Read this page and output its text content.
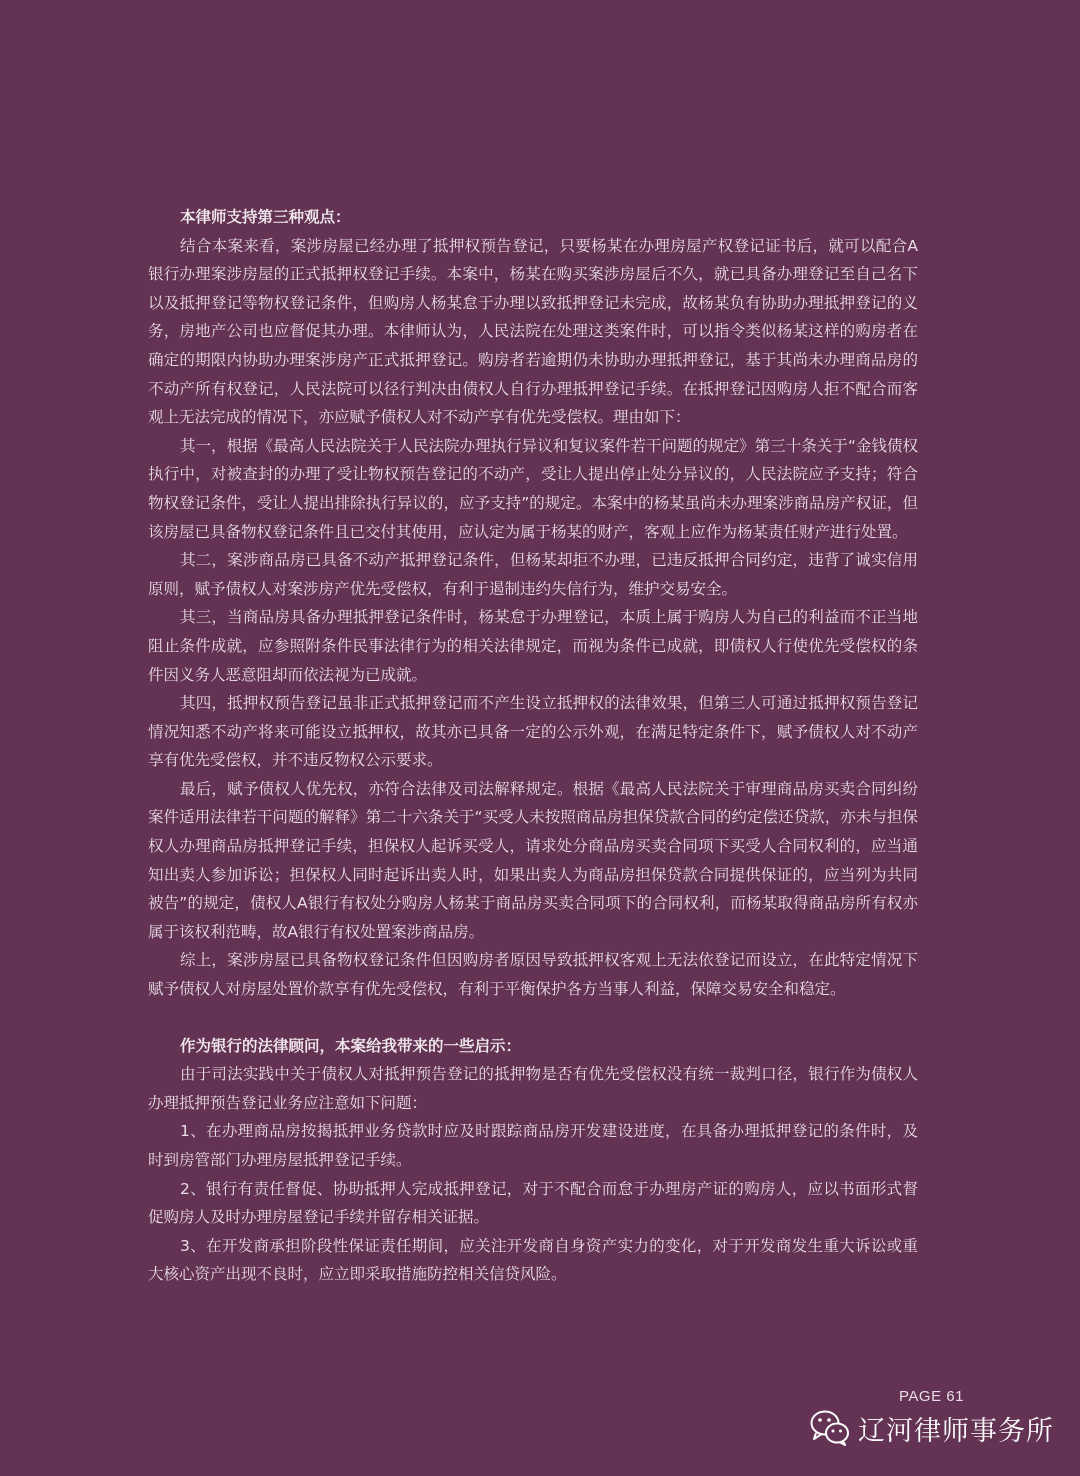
本律师支持第三种观点：

结合本案来看，案涉房屋已经办理了抵押权预告登记，只要杨某在办理房屋产权登记证书后，就可以配合A银行办理案涉房屋的正式抵押权登记手续。本案中，杨某在购买案涉房屋后不久，就已具备办理登记至自己名下以及抵押登记等物权登记条件，但购房人杨某怠于办理以致抵押登记未完成，故杨某负有协助办理抵押登记的义务，房地产公司也应督促其办理。本律师认为，人民法院在处理这类案件时，可以指令类似杨某这样的购房者在确定的期限内协助办理案涉房产正式抵押登记。购房者若逾期仍未协助办理抵押登记，基于其尚未办理商品房的不动产所有权登记，人民法院可以径行判决由债权人自行办理抵押登记手续。在抵押登记因购房人拒不配合而客观上无法完成的情况下，亦应赋予债权人对不动产享有优先受偿权。理由如下：

其一，根据《最高人民法院关于人民法院办理执行异议和复议案件若干问题的规定》第三十条关于“金钱债权执行中，对被查封的办理了受让物权预告登记的不动产，受让人提出停止处分异议的，人民法院应予支持；符合物权登记条件，受让人提出排除执行异议的，应予支持”的规定。本案中的杨某虽尚未办理案涉商品房产权证，但该房屋已具备物权登记条件且已交付其使用，应认定为属于杨某的财产，客观上应作为杨某责任财产进行处置。

其二，案涉商品房已具备不动产抵押登记条件，但杨某却拒不办理，已违反抵押合同约定，违背了诚实信用原则，赋予债权人对案涉房产优先受偿权，有利于遏制违约失信行为，维护交易安全。

其三，当商品房具备办理抵押登记条件时，杨某怠于办理登记，本质上属于购房人为自己的利益而不正当地阻止条件成就，应参照附条件民事法律行为的相关法律规定，而视为条件已成就，即债权人行使优先受偿权的条件因义务人恶意阻却而依法视为已成就。

其四，抵押权预告登记虽非正式抵押登记而不产生设立抵押权的法律效果，但第三人可通过抵押权预告登记情况知悉不动产将来可能设立抵押权，故其亦已具备一定的公示外观，在满足特定条件下，赋予债权人对不动产享有优先受偿权，并不违反物权公示要求。

最后，赋予债权人优先权，亦符合法律及司法解释规定。根据《最高人民法院关于审理商品房买卖合同纠纷案件适用法律若干问题的解释》第二十六条关于“买受人未按照商品房担保贷款合同的约定偿还贷款，亦未与担保权人办理商品房抵押登记手续，担保权人起诉买受人，请求处分商品房买卖合同项下买受人合同权利的，应当通知出卖人参加诉讼；担保权人同时起诉出卖人时，如果出卖人为商品房担保贷款合同提供保证的，应当列为共同被告”的规定，债权人A银行有权处分购房人杨某于商品房买卖合同项下的合同权利，而杨某取得商品房所有权亦属于该权利范畴，故A银行有权处置案涉商品房。

综上，案涉房屋已具备物权登记条件但因购房者原因导致抵押权客观上无法依登记而设立，在此特定情况下赋予债权人对房屋处置价款享有优先受偿权，有利于平衡保护各方当事人利益，保障交易安全和稳定。

作为银行的法律顾问，本案给我带来的一些启示：

由于司法实践中关于债权人对抵押预告登记的抵押物是否有优先受偿权没有统一裁判口径，银行作为债权人办理抵押预告登记业务应注意如下问题：

1、在办理商品房按揭抵押业务贷款时应及时跟踪商品房开发建设进度，在具备办理抵押登记的条件时，及时到房管部门办理房屋抵押登记手续。

2、银行有责任督促、协助抵押人完成抵押登记，对于不配合而怠于办理房产证的购房人，应以书面形式督促购房人及时办理房屋登记手续并留存相关证据。

3、在开发商承担阶段性保证责任期间，应关注开发商自身资产实力的变化，对于开发商发生重大诉讼或重大核心资产出现不良时，应立即采取措施防控相关信贷风险。

PAGE 61
辽河律师事务所
